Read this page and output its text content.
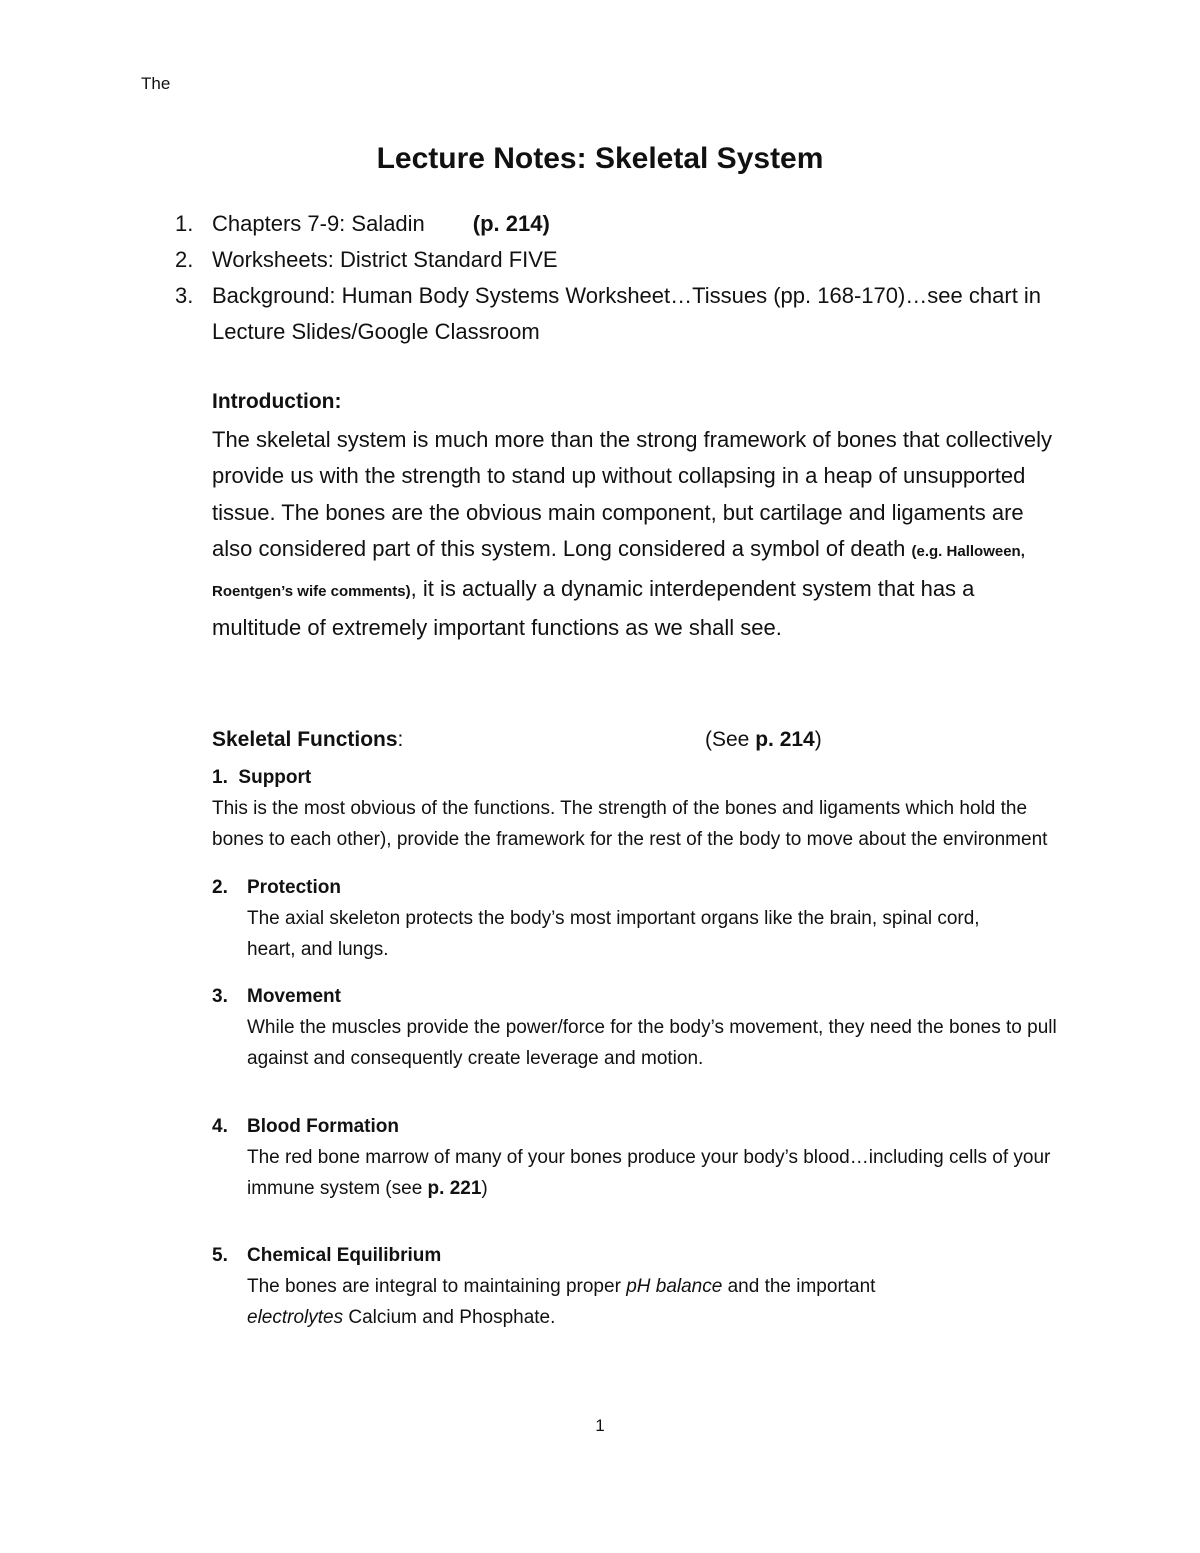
The
Lecture Notes: Skeletal System
1. Chapters 7-9: Saladin (p. 214)
2. Worksheets: District Standard FIVE
3. Background: Human Body Systems Worksheet…Tissues (pp. 168-170)…see chart in Lecture Slides/Google Classroom
Introduction:

The skeletal system is much more than the strong framework of bones that collectively provide us with the strength to stand up without collapsing in a heap of unsupported tissue. The bones are the obvious main component, but cartilage and ligaments are also considered part of this system. Long considered a symbol of death (e.g. Halloween, Roentgen’s wife comments), it is actually a dynamic interdependent system that has a multitude of extremely important functions as we shall see.

Skeletal Functions:	(See p. 214)

1. Support

This is the most obvious of the functions. The strength of the bones and ligaments which hold the bones to each other), provide the framework for the rest of the body to move about the environment

2. Protection

The axial skeleton protects the body’s most important organs like the brain, spinal cord, heart, and lungs.

3. Movement

While the muscles provide the power/force for the body’s movement, they need the bones to pull against and consequently create leverage and motion.

4. Blood Formation

The red bone marrow of many of your bones produce your body’s blood…including cells of your immune system (see p. 221)

5. Chemical Equilibrium

The bones are integral to maintaining proper pH balance and the important
electrolytes Calcium and Phosphate.

1
